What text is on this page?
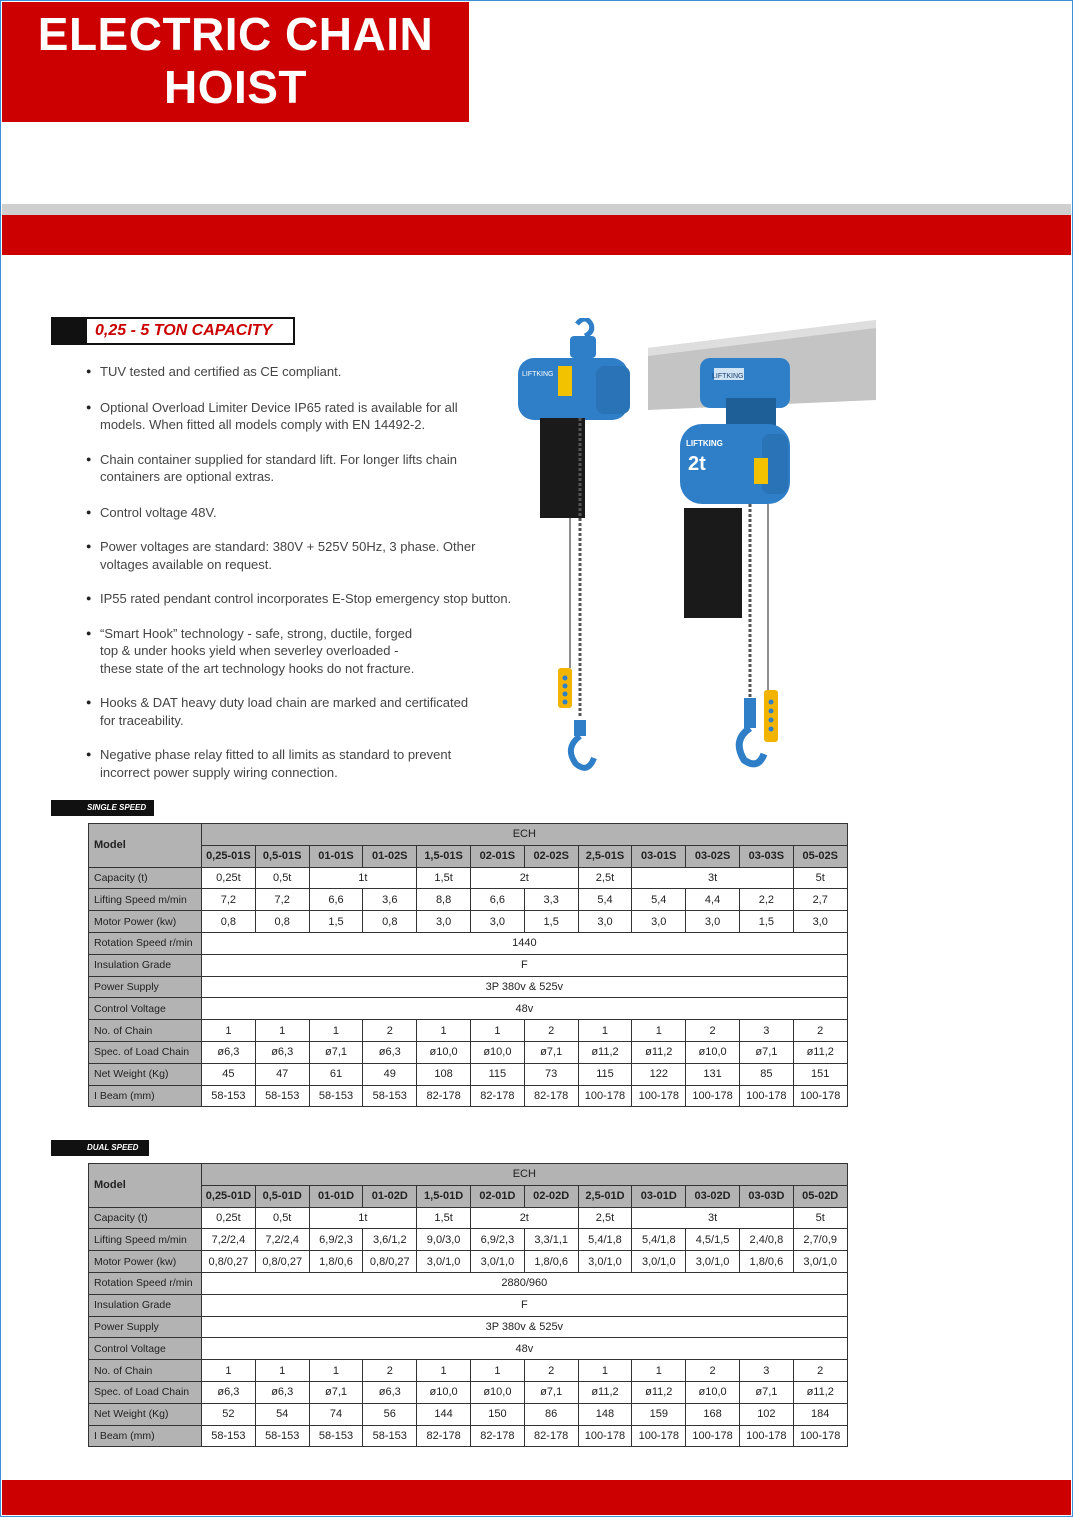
ELECTRIC CHAIN
HOIST
0,25 - 5 TON CAPACITY
● TUV tested and certified as CE compliant.
● Optional Overload Limiter Device IP65 rated is available for all
models. When fitted all models comply with EN 14492-2.
● Chain container supplied for standard lift. For longer lifts chain
containers are optional extras.
● Control voltage 48V.
● Power voltages are standard: 380V + 525V 50Hz, 3 phase. Other
voltages available on request.
● IP55 rated pendant control incorporates E-Stop emergency stop button.
● “Smart Hook” technology - safe, strong, ductile, forged
top & under hooks yield when severley overloaded -
these state of the art technology hooks do not fracture.
● Hooks & DAT heavy duty load chain are marked and certificated
for traceability.
● Negative phase relay fitted to all limits as standard to prevent
incorrect power supply wiring connection.
LIFTKING	LIFTKING
LIFTKING
2t
SINGLE SPEED
Model	ECH											
	0,25-01S	0,5-01S	01-01S	01-02S	1,5-01S	02-01S	02-02S	2,5-01S	03-01S	03-02S	03-03S	05-02S
Capacity (t)	0,25t	0,5t	1t		1,5t	2t		2,5t	3t			5t
Lifting Speed m/min	7,2	7,2	6,6	3,6	8,8	6,6	3,3	5,4	5,4	4,4	2,2	2,7
Motor Power (kw)	0,8	0,8	1,5	0,8	3,0	3,0	1,5	3,0	3,0	3,0	1,5	3,0
Rotation Speed r/min	1440											
Insulation Grade	F											
Power Supply	3P 380v & 525v											
Control Voltage	48v											
No. of Chain	1	1	1	2	1	1	2	1	1	2	3	2
Spec. of Load Chain	ø6,3	ø6,3	ø7,1	ø6,3	ø10,0	ø10,0	ø7,1	ø11,2	ø11,2	ø10,0	ø7,1	ø11,2
Net Weight (Kg)	45	47	61	49	108	115	73	115	122	131	85	151
I Beam (mm)	58-153	58-153	58-153	58-153	82-178	82-178	82-178	100-178	100-178	100-178	100-178	100-178
DUAL SPEED
Model	ECH											
	0,25-01D	0,5-01D	01-01D	01-02D	1,5-01D	02-01D	02-02D	2,5-01D	03-01D	03-02D	03-03D	05-02D
Capacity (t)	0,25t	0,5t	1t		1,5t	2t		2,5t	3t			5t
Lifting Speed m/min	7,2/2,4	7,2/2,4	6,9/2,3	3,6/1,2	9,0/3,0	6,9/2,3	3,3/1,1	5,4/1,8	5,4/1,8	4,5/1,5	2,4/0,8	2,7/0,9
Motor Power (kw)	0,8/0,27	0,8/0,27	1,8/0,6	0,8/0,27	3,0/1,0	3,0/1,0	1,8/0,6	3,0/1,0	3,0/1,0	3,0/1,0	1,8/0,6	3,0/1,0
Rotation Speed r/min	2880/960											
Insulation Grade	F											
Power Supply	3P 380v & 525v											
Control Voltage	48v											
No. of Chain	1	1	1	2	1	1	2	1	1	2	3	2
Spec. of Load Chain	ø6,3	ø6,3	ø7,1	ø6,3	ø10,0	ø10,0	ø7,1	ø11,2	ø11,2	ø10,0	ø7,1	ø11,2
Net Weight (Kg)	52	54	74	56	144	150	86	148	159	168	102	184
I Beam (mm)	58-153	58-153	58-153	58-153	82-178	82-178	82-178	100-178	100-178	100-178	100-178	100-178
